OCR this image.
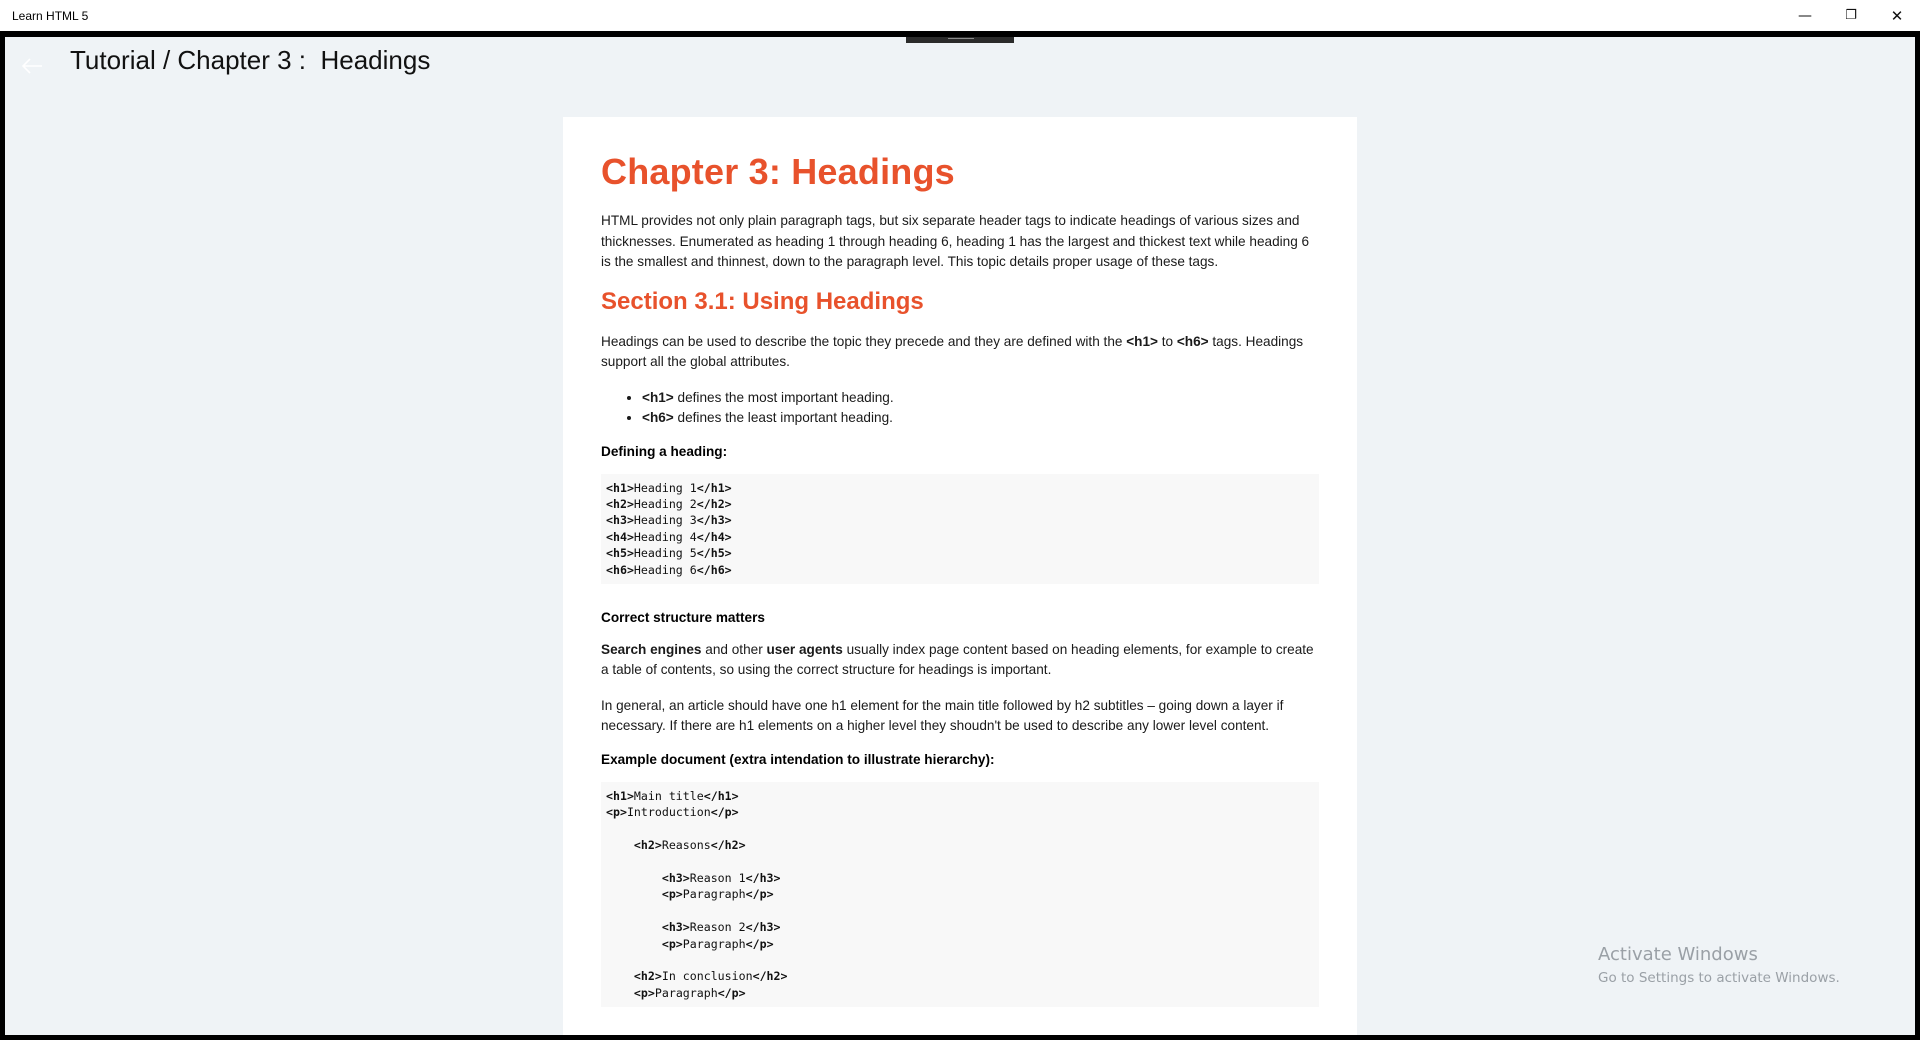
Learn HTML 5	—	❐	✕
Tutorial / Chapter 3 :  Headings
Chapter 3: Headings

HTML provides not only plain paragraph tags, but six separate header tags to indicate headings of various sizes and thicknesses. Enumerated as heading 1 through heading 6, heading 1 has the largest and thickest text while heading 6 is the smallest and thinnest, down to the paragraph level. This topic details proper usage of these tags.

Section 3.1: Using Headings

Headings can be used to describe the topic they precede and they are defined with the <h1> to <h6> tags. Headings support all the global attributes.

• <h1> defines the most important heading.
• <h6> defines the least important heading.
Defining a heading:
<h1>Heading 1</h1>
<h2>Heading 2</h2>
<h3>Heading 3</h3>
<h4>Heading 4</h4>
<h5>Heading 5</h5>
<h6>Heading 6</h6>
Correct structure matters

Search engines and other user agents usually index page content based on heading elements, for example to create a table of contents, so using the correct structure for headings is important.

In general, an article should have one h1 element for the main title followed by h2 subtitles – going down a layer if necessary. If there are h1 elements on a higher level they shoudn't be used to describe any lower level content.

Example document (extra intendation to illustrate hierarchy):
<h1>Main title</h1>
<p>Introduction</p>

<h2>Reasons</h2>

<h3>Reason 1</h3>
<p>Paragraph</p>

<h3>Reason 2</h3>
<p>Paragraph</p>

<h2>In conclusion</h2>
<p>Paragraph</p>
Activate Windows
Go to Settings to activate Windows.
